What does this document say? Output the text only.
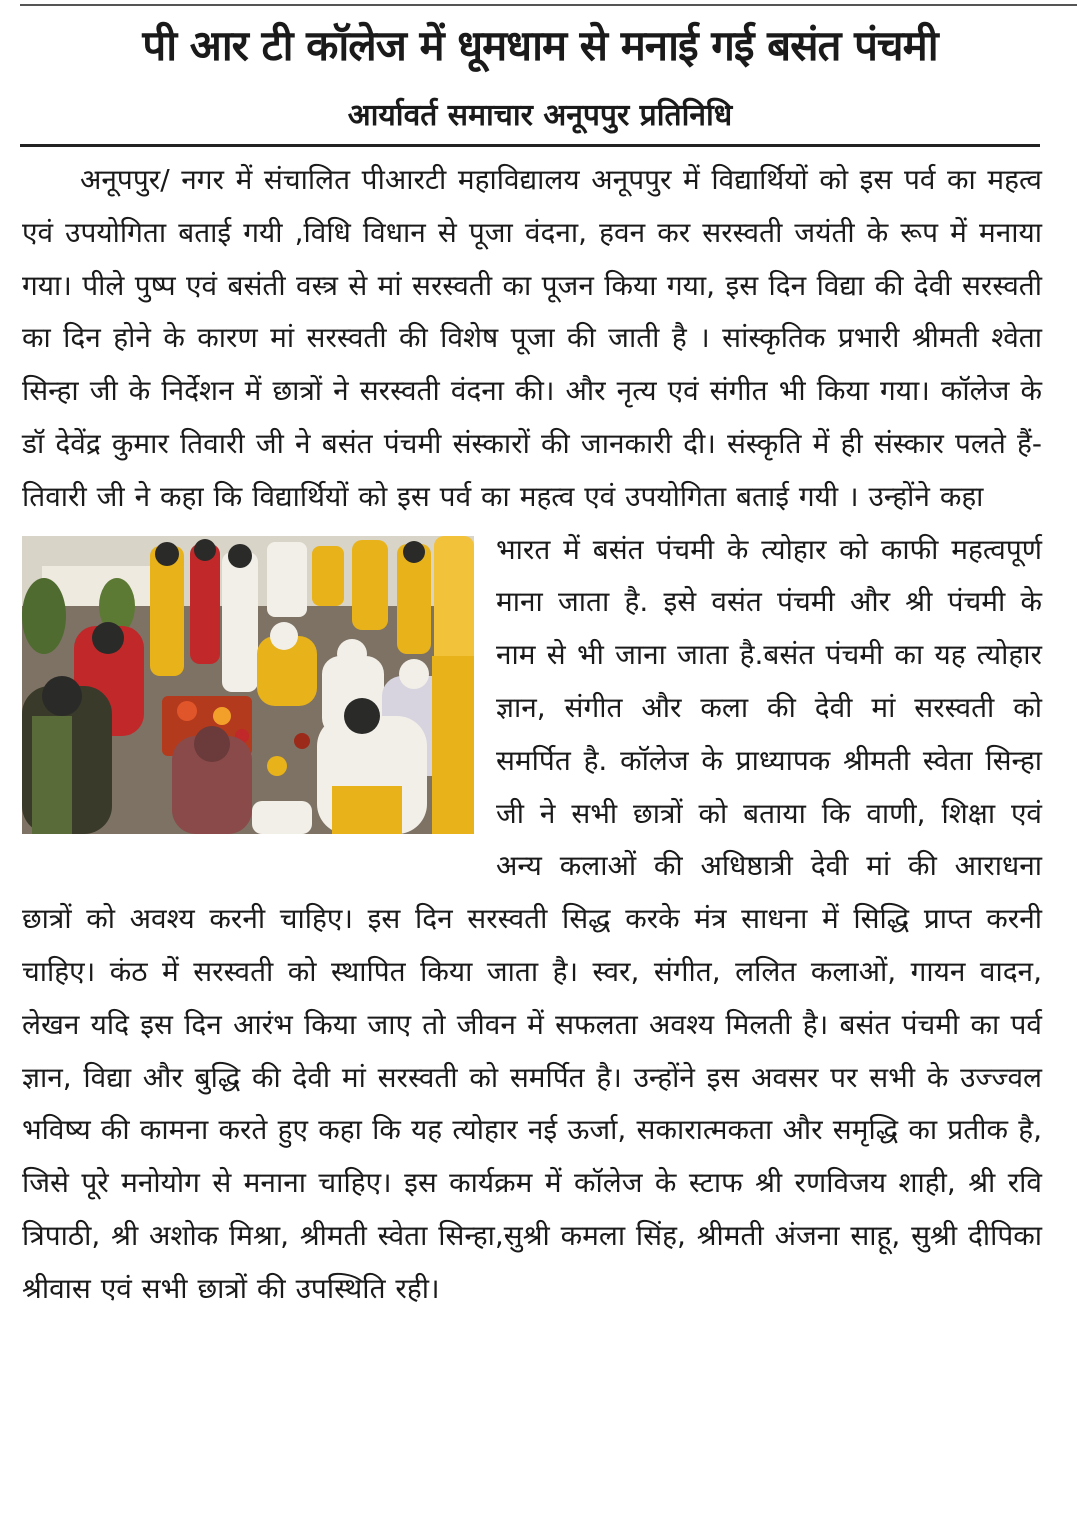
पी आर टी कॉलेज में धूमधाम से मनाई गई बसंत पंचमी
आर्यावर्त समाचार अनूपपुर प्रतिनिधि

अनूपपुर/ नगर में संचालित पीआरटी महाविद्यालय अनूपपुर में विद्यार्थियों को इस पर्व का महत्व एवं उपयोगिता बताई गयी ,विधि विधान से पूजा वंदना, हवन कर सरस्वती जयंती के रूप में मनाया गया। पीले पुष्प एवं बसंती वस्त्र से मां सरस्वती का पूजन किया गया, इस दिन विद्या की देवी सरस्वती का दिन होने के कारण मां सरस्वती की विशेष पूजा की जाती है । सांस्कृतिक प्रभारी श्रीमती श्वेता सिन्हा जी के निर्देशन में छात्रों ने सरस्वती वंदना की। और नृत्य एवं संगीत भी किया गया। कॉलेज के डॉ देवेंद्र कुमार तिवारी जी ने बसंत पंचमी संस्कारों की जानकारी दी। संस्कृति में ही संस्कार पलते हैं- तिवारी जी ने कहा कि विद्यार्थियों को इस पर्व का महत्व एवं उपयोगिता बताई गयी । उन्होंने कहा

भारत में बसंत पंचमी के त्योहार को काफी महत्वपूर्ण माना जाता है. इसे वसंत पंचमी और श्री पंचमी के नाम से भी जाना जाता है.बसंत पंचमी का यह त्योहार ज्ञान, संगीत और कला की देवी मां सरस्वती को समर्पित है. कॉलेज के प्राध्यापक श्रीमती स्वेता सिन्हा जी ने सभी छात्रों को बताया कि वाणी, शिक्षा एवं अन्य कलाओं की अधिष्ठात्री देवी मां की आराधना छात्रों को अवश्य करनी चाहिए। इस दिन सरस्वती सिद्ध करके मंत्र साधना में सिद्धि प्राप्त करनी चाहिए। कंठ में सरस्वती को स्थापित किया जाता है। स्वर, संगीत, ललित कलाओं, गायन वादन, लेखन यदि इस दिन आरंभ किया जाए तो जीवन में सफलता अवश्य मिलती है। बसंत पंचमी का पर्व ज्ञान, विद्या और बुद्धि की देवी मां सरस्वती को समर्पित है। उन्होंने इस अवसर पर सभी के उज्ज्वल भविष्य की कामना करते हुए कहा कि यह त्योहार नई ऊर्जा, सकारात्मकता और समृद्धि का प्रतीक है, जिसे पूरे मनोयोग से मनाना चाहिए। इस कार्यक्रम में कॉलेज के स्टाफ श्री रणविजय शाही, श्री रवि त्रिपाठी, श्री अशोक मिश्रा, श्रीमती स्वेता सिन्हा,सुश्री कमला सिंह, श्रीमती अंजना साहू, सुश्री दीपिका श्रीवास एवं सभी छात्रों की उपस्थिति रही।
